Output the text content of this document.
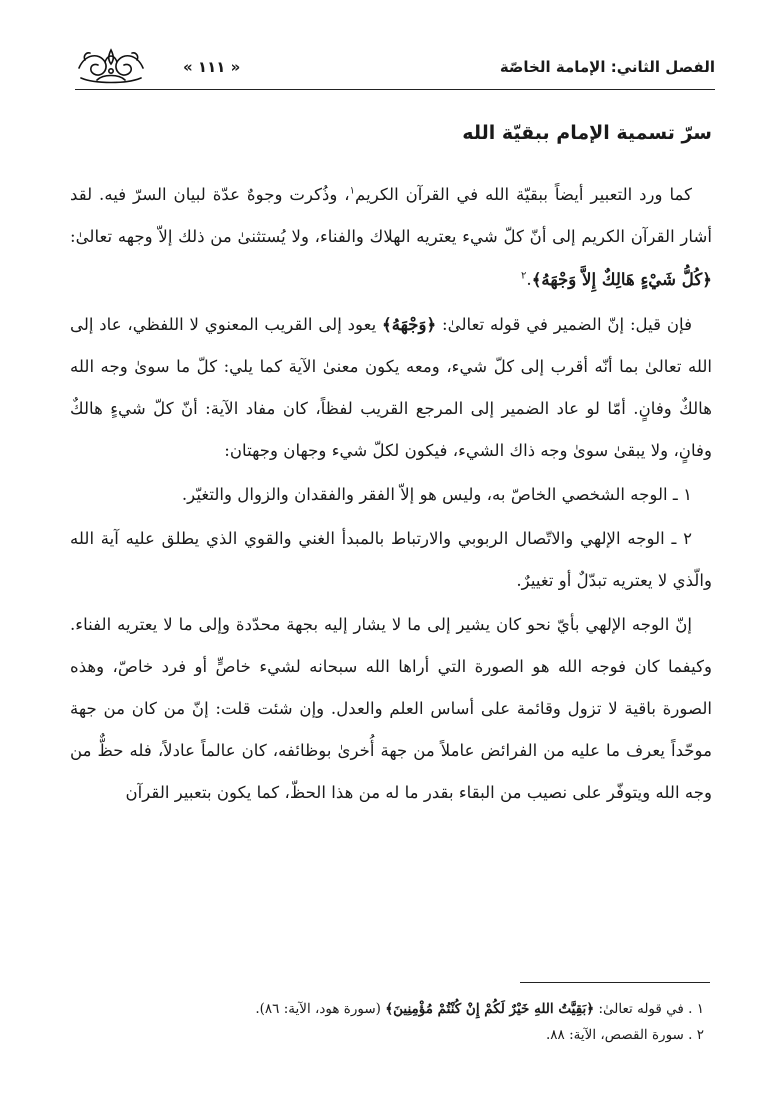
الفصل الثاني: الإمامة الخاصّة
« ۱۱۱ »
سرّ تسمية الإمام ببقيّة الله

كما ورد التعبير أيضاً ببقيّة الله في القرآن الكريم$^١$، وذُكرت وجوهٌ عدّة لبيان السرّ فيه. لقد أشار القرآن الكريم إلى أنّ كلّ شيء يعتريه الهلاك والفناء، ولا يُستثنىٰ من ذلك إلاّ وجهه تعالىٰ: ﴿كُلُّ شَيْءٍ هَالِكٌ إِلاَّ وَجْهَهُ﴾.$^٢$

فإن قيل: إنّ الضمير في قوله تعالىٰ: ﴿وَجْهَهُ﴾ يعود إلى القريب المعنوي لا اللفظي، عاد إلى الله تعالىٰ بما أنّه أقرب إلى كلّ شيء، ومعه يكون معنىٰ الآية كما يلي: كلّ ما سوىٰ وجه الله هالكٌ وفانٍ. أمّا لو عاد الضمير إلى المرجع القريب لفظاً، كان مفاد الآية: أنّ كلّ شيءٍ هالكٌ وفانٍ، ولا يبقىٰ سوىٰ وجه ذاك الشيء، فيكون لكلّ شيء وجهان وجهتان:

١ ـ الوجه الشخصي الخاصّ به، وليس هو إلاّ الفقر والفقدان والزوال والتغيّر.

٢ ـ الوجه الإلهي والاتّصال الربوبي والارتباط بالمبدأ الغني والقوي الذي يطلق عليه آية الله والّذي لا يعتريه تبدّلٌ أو تغييرٌ.

إنّ الوجه الإلهي بأيّ نحو كان يشير إلى ما لا يشار إليه بجهة محدّدة وإلى ما لا يعتريه الفناء. وكيفما كان فوجه الله هو الصورة التي أراها الله سبحانه لشيء خاصٍّ أو فرد خاصّ، وهذه الصورة باقية لا تزول وقائمة على أساس العلم والعدل. وإن شئت قلت: إنّ من كان من جهة موحّداً يعرف ما عليه من الفرائض عاملاً من جهة أُخرىٰ بوظائفه، كان عالماً عادلاً، فله حظٌّ من وجه الله ويتوفّر على نصيب من البقاء بقدر ما له من هذا الحظّ، كما يكون بتعبير القرآن

١ . في قوله تعالىٰ: ﴿بَقِيَّتُ اللهِ خَيْرٌ لَكُمْ إِنْ كُنْتُمْ مُؤْمِنِينَ﴾ (سورة هود، الآية: ٨٦).

٢ . سورة القصص، الآية: ٨٨.
